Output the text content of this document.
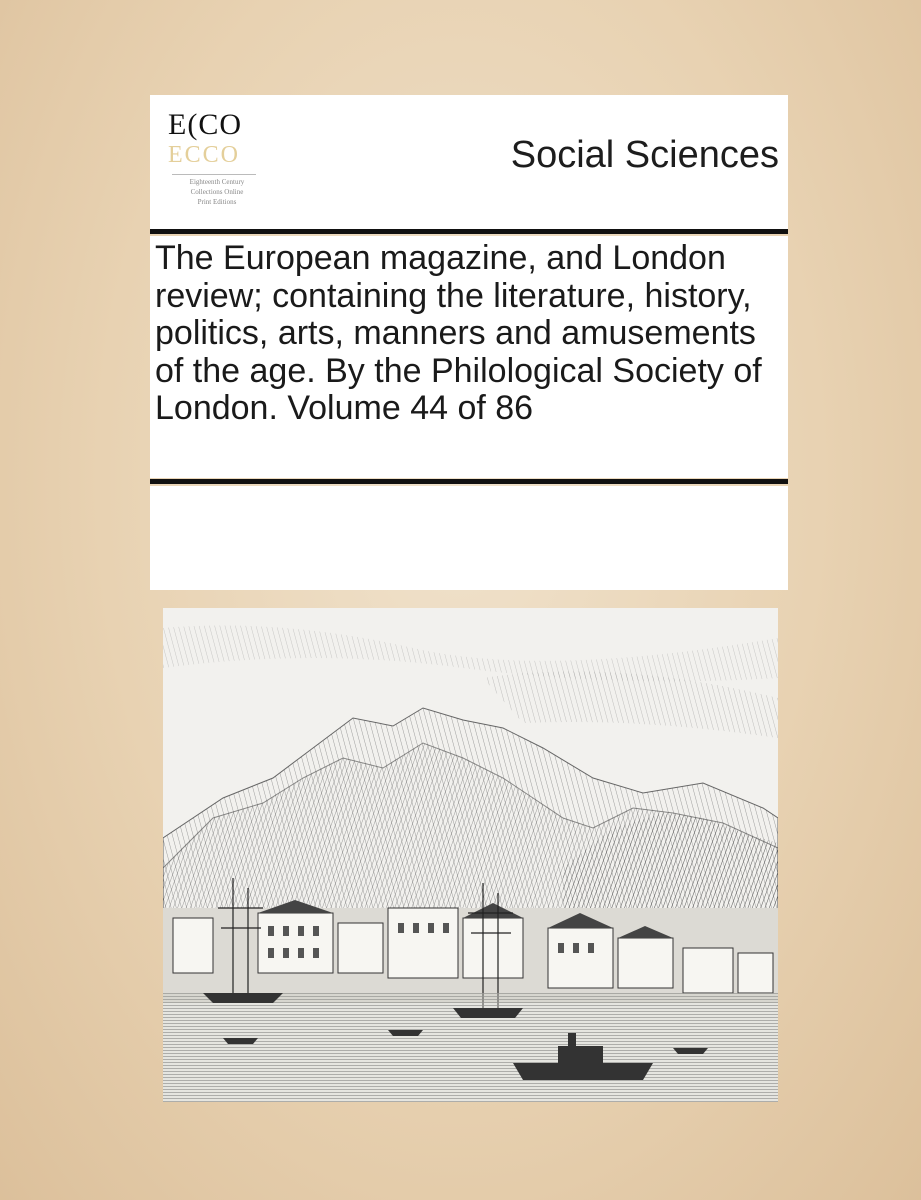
E(CO
ECCO
Eighteenth Century
Collections Online
Print Editions
Social Sciences
The European magazine, and London review; containing the literature, history, politics, arts, manners and amusements of the age. By the Philological Society of London. Volume 44 of 86
